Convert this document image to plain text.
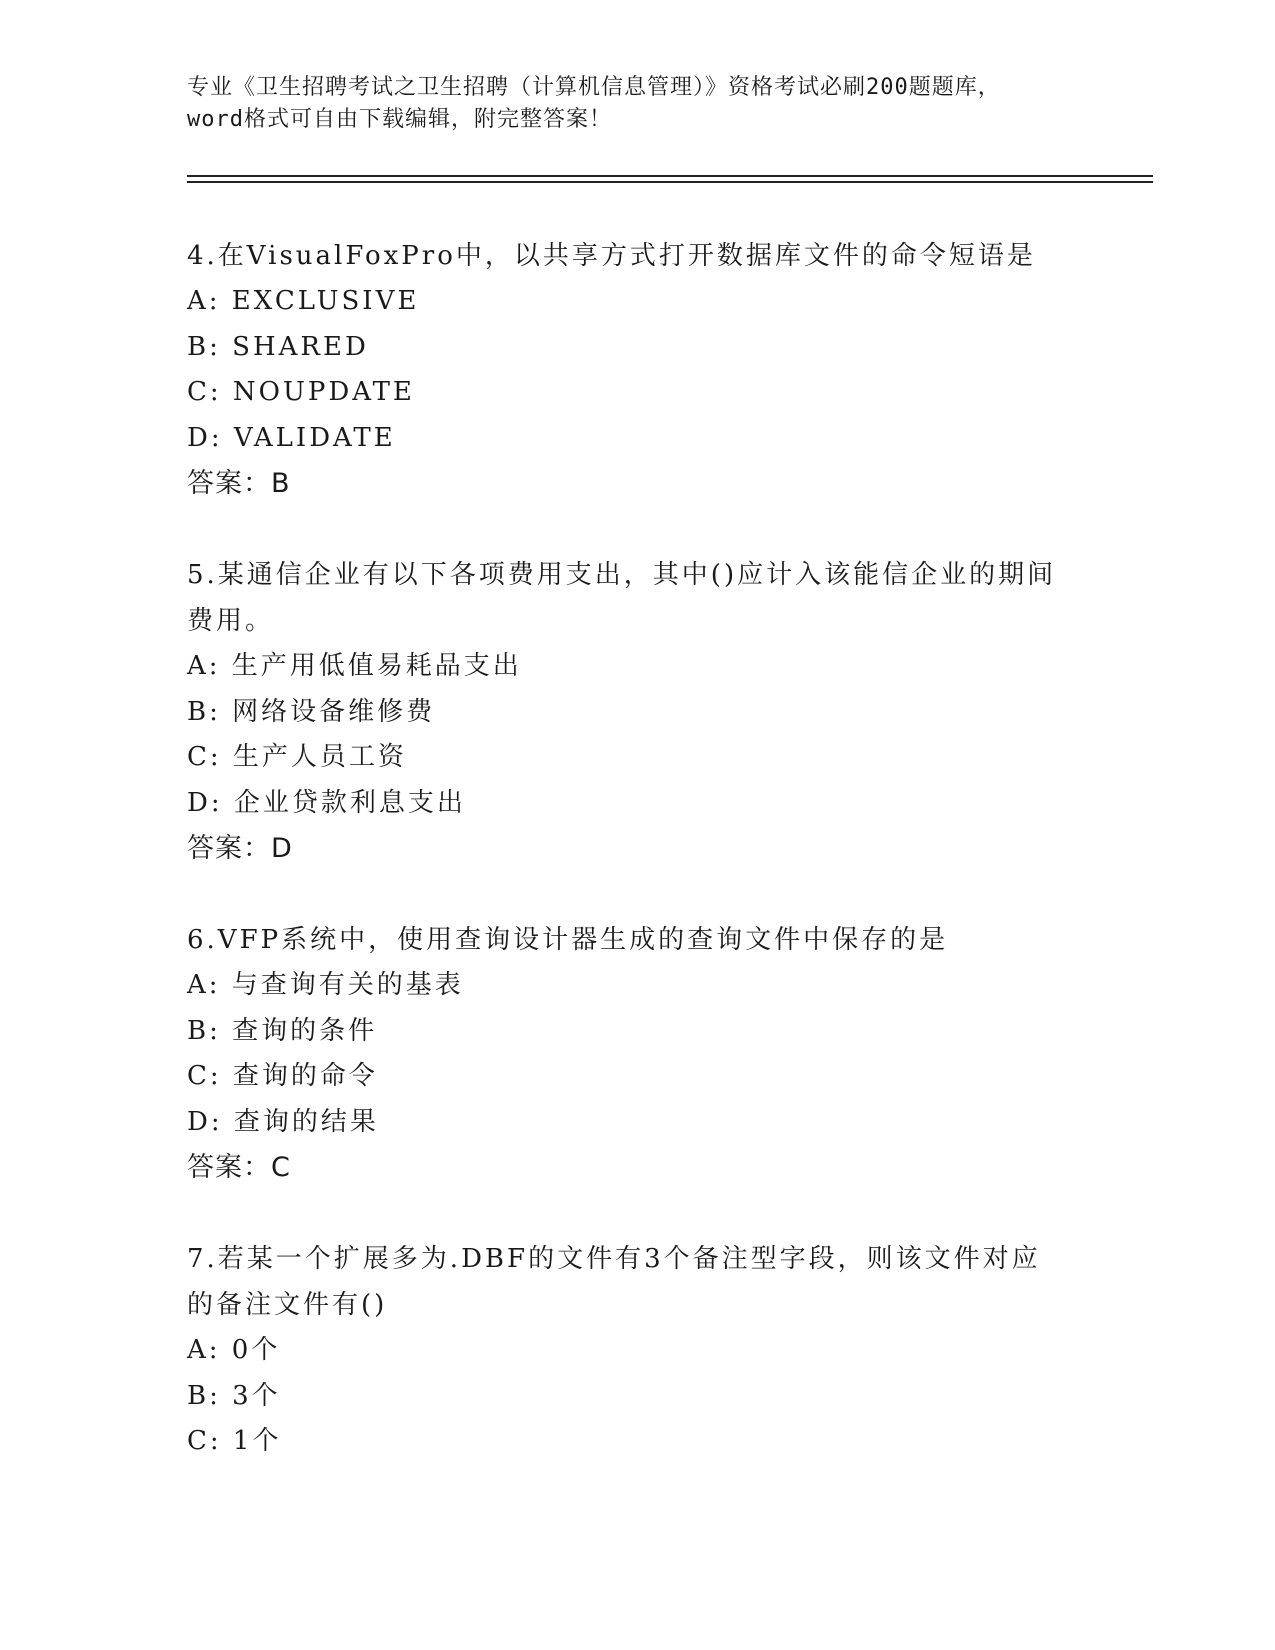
专业《卫生招聘考试之卫生招聘（计算机信息管理）》资格考试必刷200题题库，
word格式可自由下载编辑，附完整答案！
4.在VisualFoxPro中，以共享方式打开数据库文件的命令短语是
A: EXCLUSIVE
B: SHARED
C: NOUPDATE
D: VALIDATE
答案：B
5.某通信企业有以下各项费用支出，其中()应计入该能信企业的期间费用。
A: 生产用低值易耗品支出
B: 网络设备维修费
C: 生产人员工资
D: 企业贷款利息支出
答案：D
6.VFP系统中，使用查询设计器生成的查询文件中保存的是
A: 与查询有关的基表
B: 查询的条件
C: 查询的命令
D: 查询的结果
答案：C
7.若某一个扩展多为.DBF的文件有3个备注型字段，则该文件对应的备注文件有()
A: 0个
B: 3个
C: 1个
